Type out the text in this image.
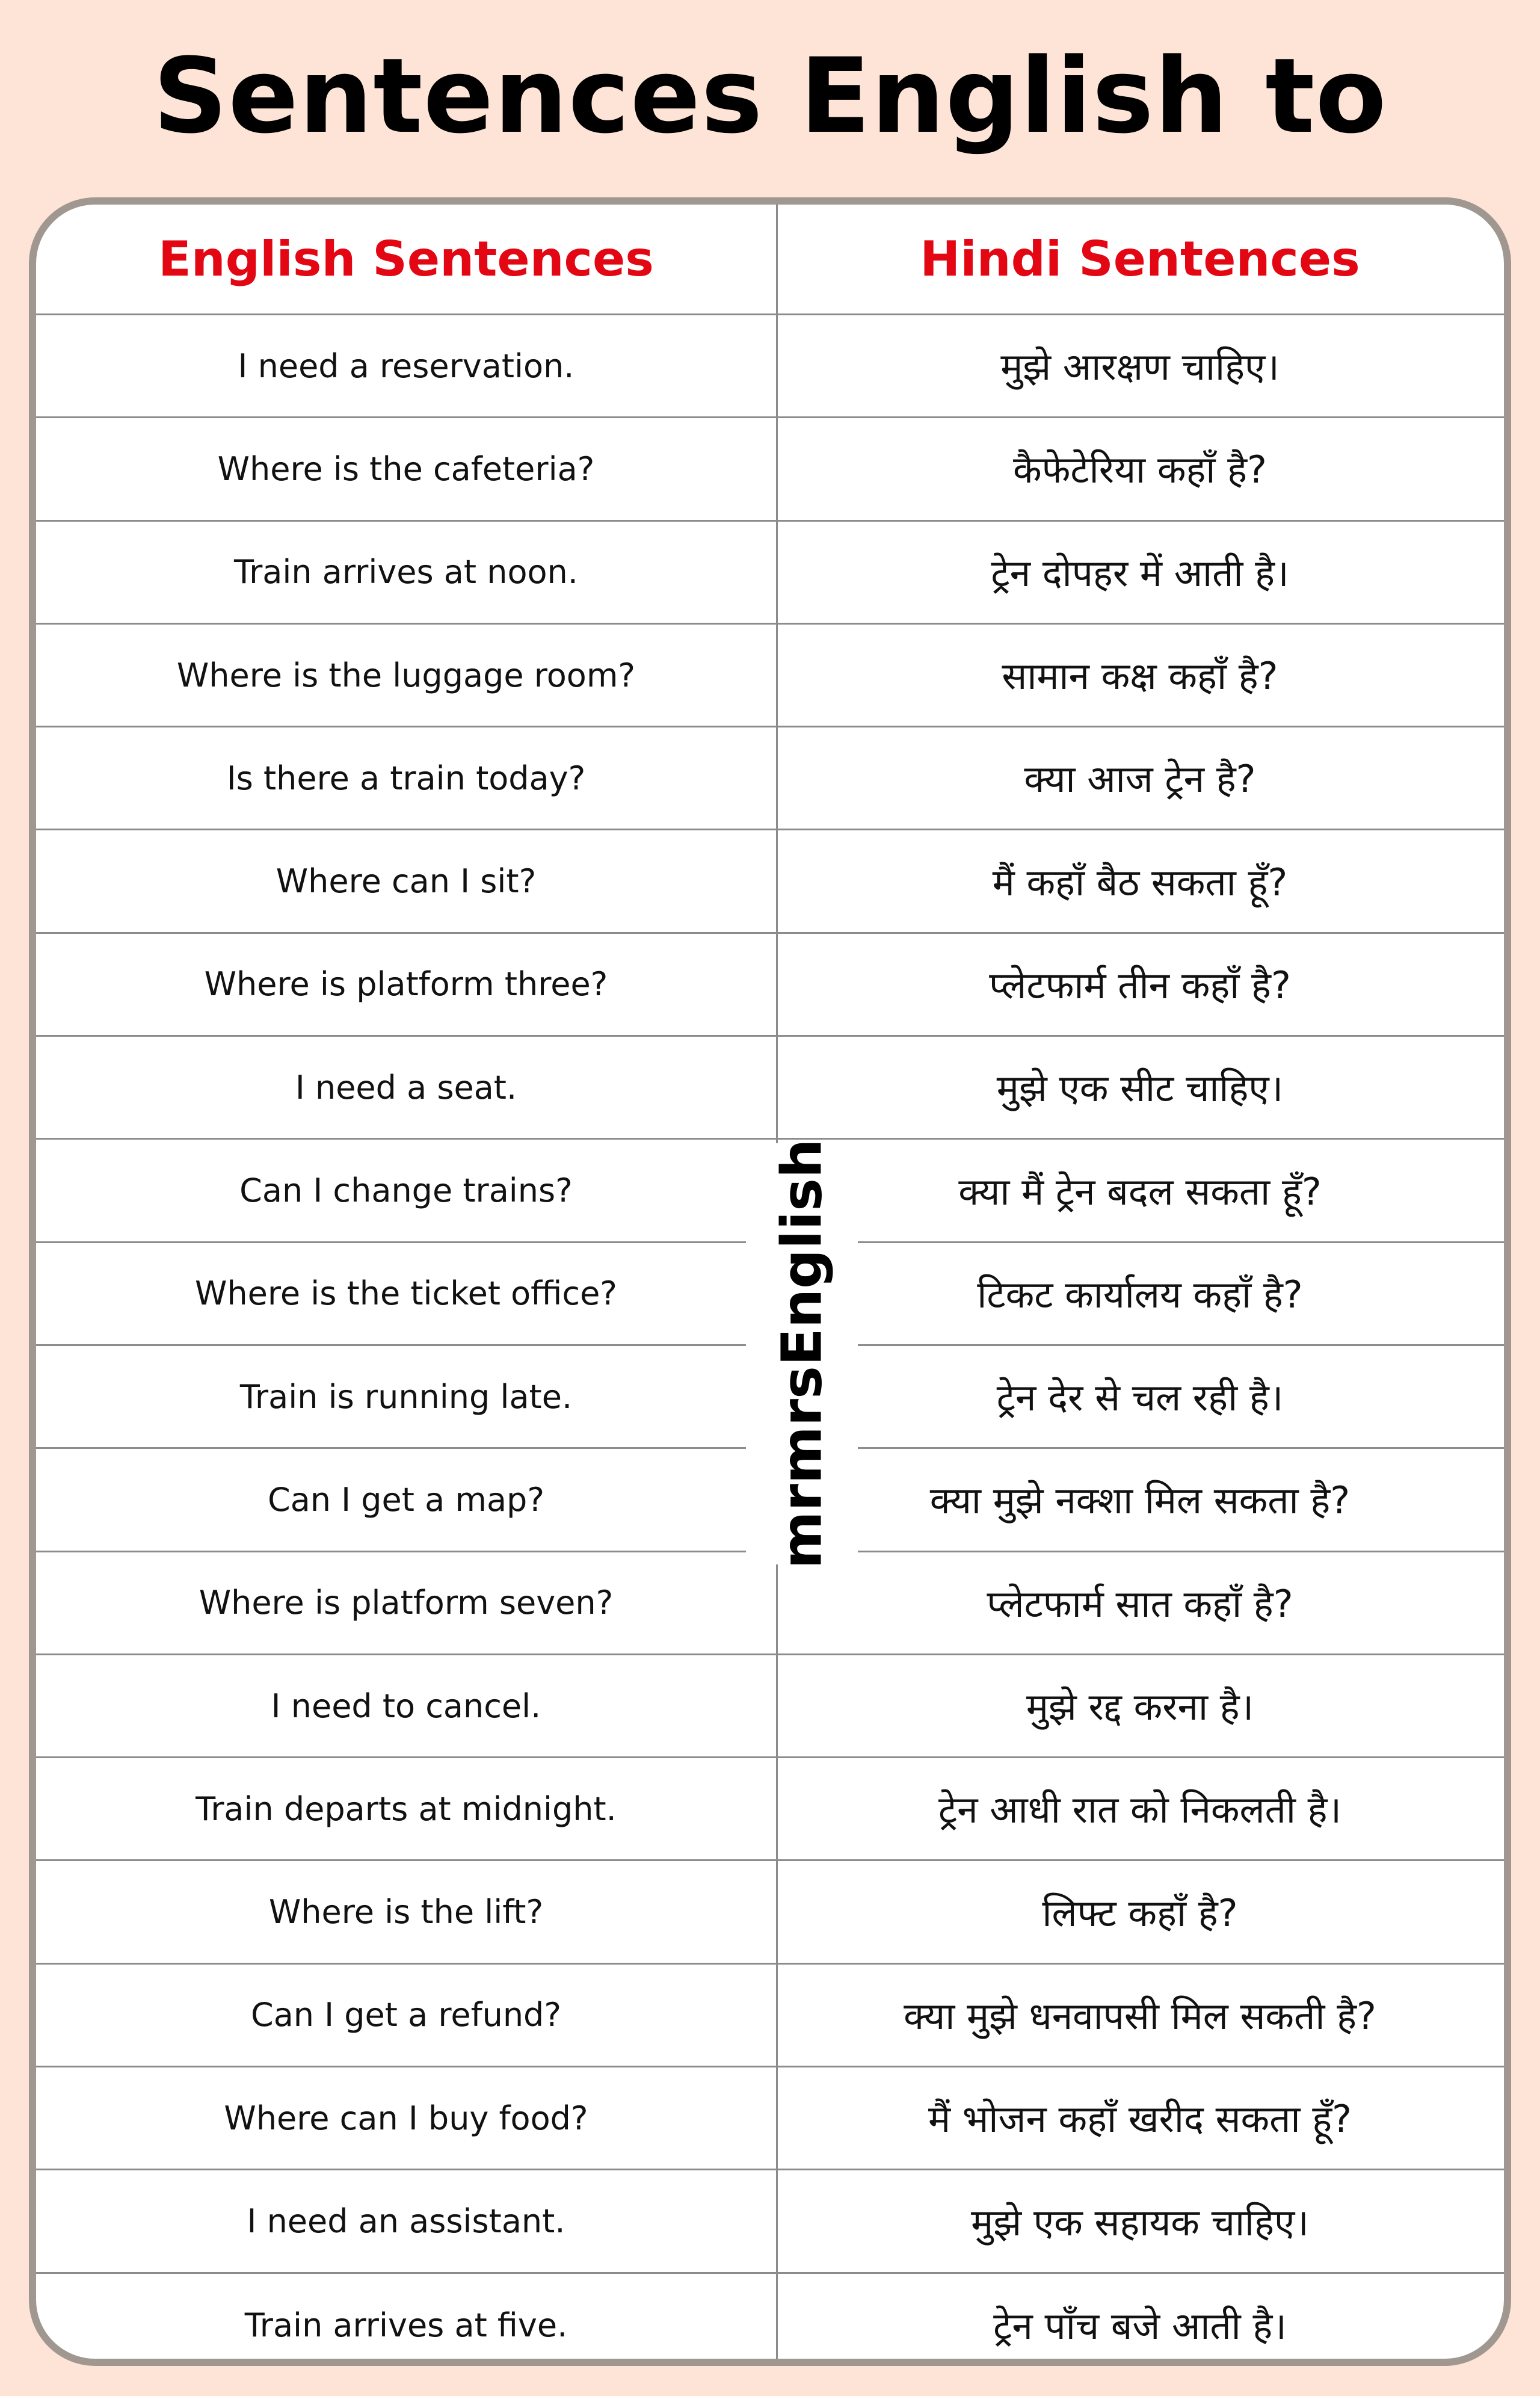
Sentences English to
English Sentences	Hindi Sentences
I need a reservation.	मुझे आरक्षण चाहिए।
Where is the cafeteria?	कैफेटेरिया कहाँ है?
Train arrives at noon.	ट्रेन दोपहर में आती है।
Where is the luggage room?	सामान कक्ष कहाँ है?
Is there a train today?	क्या आज ट्रेन है?
Where can I sit?	मैं कहाँ बैठ सकता हूँ?
Where is platform three?	प्लेटफार्म तीन कहाँ है?
I need a seat.	मुझे एक सीट चाहिए।
Can I change trains?	क्या मैं ट्रेन बदल सकता हूँ?
Where is the ticket office?	टिकट कार्यालय कहाँ है?
Train is running late.	ट्रेन देर से चल रही है।
Can I get a map?	क्या मुझे नक्शा मिल सकता है?
Where is platform seven?	प्लेटफार्म सात कहाँ है?
I need to cancel.	मुझे रद्द करना है।
Train departs at midnight.	ट्रेन आधी रात को निकलती है।
Where is the lift?	लिफ्ट कहाँ है?
Can I get a refund?	क्या मुझे धनवापसी मिल सकती है?
Where can I buy food?	मैं भोजन कहाँ खरीद सकता हूँ?
I need an assistant.	मुझे एक सहायक चाहिए।
Train arrives at five.	ट्रेन पाँच बजे आती है।
mrmrsEnglish
